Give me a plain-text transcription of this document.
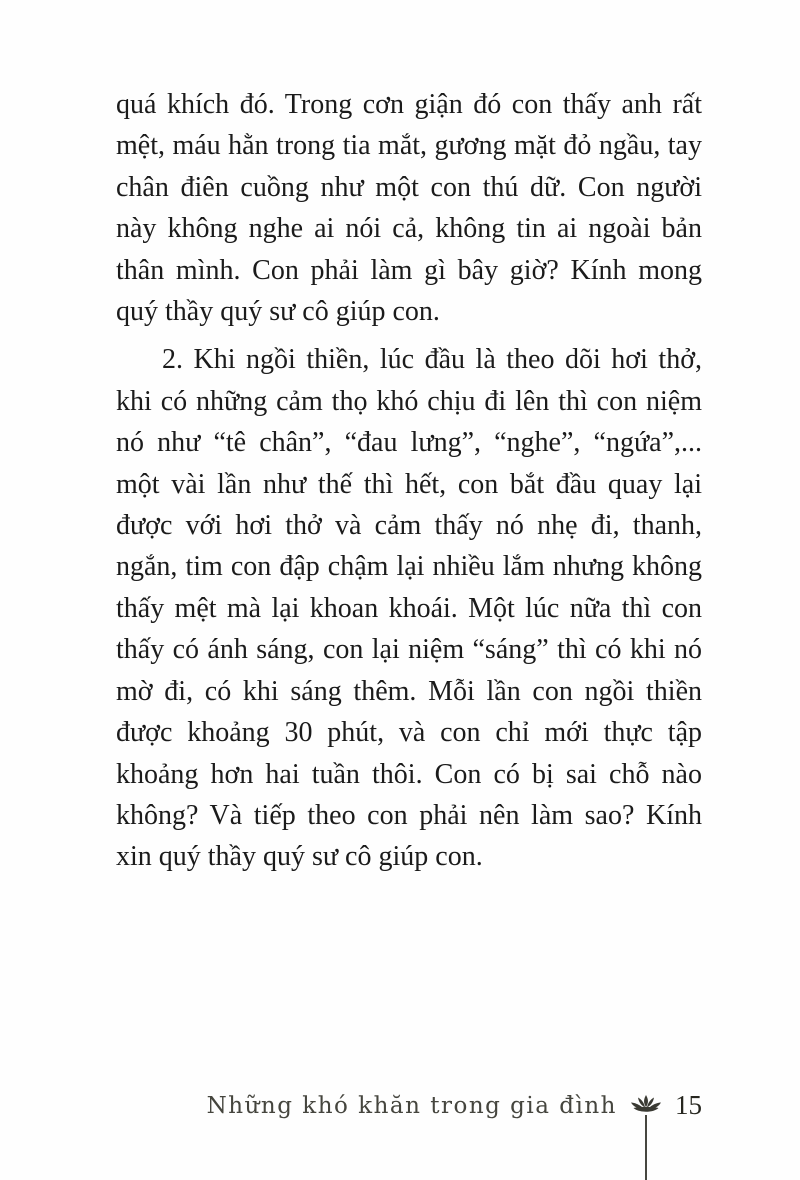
quá khích đó. Trong cơn giận đó con thấy anh rất mệt, máu hằn trong tia mắt, gương mặt đỏ ngầu, tay chân điên cuồng như một con thú dữ. Con người này không nghe ai nói cả, không tin ai ngoài bản thân mình. Con phải làm gì bây giờ? Kính mong quý thầy quý sư cô giúp con.

2. Khi ngồi thiền, lúc đầu là theo dõi hơi thở, khi có những cảm thọ khó chịu đi lên thì con niệm nó như “tê chân”, “đau lưng”, “nghe”, “ngứa”,... một vài lần như thế thì hết, con bắt đầu quay lại được với hơi thở và cảm thấy nó nhẹ đi, thanh, ngắn, tim con đập chậm lại nhiều lắm nhưng không thấy mệt mà lại khoan khoái. Một lúc nữa thì con thấy có ánh sáng, con lại niệm “sáng” thì có khi nó mờ đi, có khi sáng thêm. Mỗi lần con ngồi thiền được khoảng 30 phút, và con chỉ mới thực tập khoảng hơn hai tuần thôi. Con có bị sai chỗ nào không? Và tiếp theo con phải nên làm sao? Kính xin quý thầy quý sư cô giúp con.

Những khó khăn trong gia đình 15
